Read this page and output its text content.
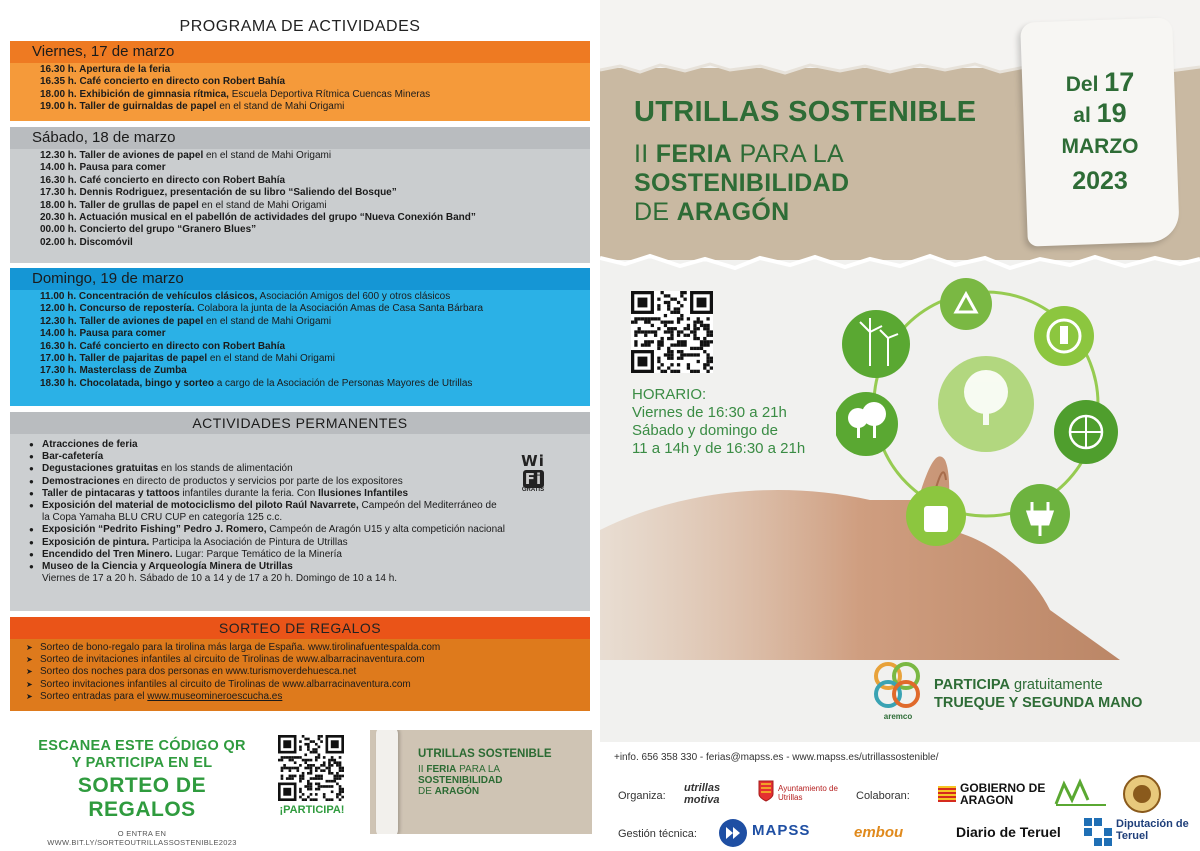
PROGRAMA DE ACTIVIDADES
Viernes, 17 de marzo
16.30 h. Apertura de la feria
16.35 h. Café concierto en directo con Robert Bahía
18.00 h. Exhibición de gimnasia rítmica, Escuela Deportiva Rítmica Cuencas Mineras
19.00 h. Taller de guirnaldas de papel en el stand de Mahi Origami
Sábado, 18 de marzo
12.30 h. Taller de aviones de papel en el stand de Mahi Origami
14.00 h. Pausa para comer
16.30 h. Café concierto en directo con Robert Bahía
17.30 h. Dennis Rodriguez, presentación de su libro “Saliendo del Bosque”
18.00 h. Taller de grullas de papel en el stand de Mahi Origami
20.30 h. Actuación musical en el pabellón de actividades del grupo “Nueva Conexión Band”
00.00 h. Concierto del grupo “Granero Blues”
02.00 h. Discomóvil
Domingo, 19 de marzo
11.00 h. Concentración de vehículos clásicos, Asociación Amigos del 600 y otros clásicos
12.00 h. Concurso de repostería. Colabora la junta de la Asociación Amas de Casa Santa Bárbara
12.30 h. Taller de aviones de papel en el stand de Mahi Origami
14.00 h. Pausa para comer
16.30 h. Café concierto en directo con Robert Bahía
17.00 h. Taller de pajaritas de papel en el stand de Mahi Origami
17.30 h. Masterclass de Zumba
18.30 h. Chocolatada, bingo y sorteo a cargo de la Asociación de Personas Mayores de Utrillas
ACTIVIDADES PERMANENTES
● Atracciones de feria
● Bar-cafetería
● Degustaciones gratuitas en los stands de alimentación
● Demostraciones en directo de productos y servicios por parte de los expositores
● Taller de pintacaras y tattoos infantiles durante la feria. Con Ilusiones Infantiles
● Exposición del material de motociclismo del piloto Raúl Navarrete, Campeón del Mediterráneo de
la Copa Yamaha BLU CRU CUP en categoría 125 c.c.
● Exposición “Pedrito Fishing” Pedro J. Romero, Campeón de Aragón U15 y alta competición nacional
● Exposición de pintura. Participa la Asociación de Pintura de Utrillas
● Encendido del Tren Minero. Lugar: Parque Temático de la Minería
● Museo de la Ciencia y Arqueología Minera de Utrillas
Viernes de 17 a 20 h. Sábado de 10 a 14 y de 17 a 20 h. Domingo de 10 a 14 h.
WiFi
GRATIS
SORTEO DE REGALOS
➤ Sorteo de bono-regalo para la tirolina más larga de España. www.tirolinafuentespalda.com
➤ Sorteo de invitaciones infantiles al circuito de Tirolinas de www.albarracinaventura.com
➤ Sorteo dos noches para dos personas en www.turismoverdehuesca.net
➤ Sorteo invitaciones infantiles al circuito de Tirolinas de www.albarracinaventura.com
➤ Sorteo entradas para el www.museomineroescucha.es
ESCANEA ESTE CÓDIGO QR
Y PARTICIPA EN EL
SORTEO DE REGALOS
O ENTRA EN WWW.BIT.LY/SORTEOUTRILLASSOSTENIBLE2023
¡PARTICIPA!
UTRILLAS SOSTENIBLE
II FERIA PARA LA
SOSTENIBILIDAD
DE ARAGÓN
UTRILLAS SOSTENIBLE
II FERIA PARA LA
SOSTENIBILIDAD
DE ARAGÓN
Del 17
al 19
MARZO
2023
HORARIO:
Viernes de 16:30 a 21h
Sábado y domingo de
11 a 14h y de 16:30 a 21h
aremco
PARTICIPA gratuitamente
TRUEQUE Y SEGUNDA MANO
+info. 656 358 330 - ferias@mapss.es - www.mapss.es/utrillassostenible/
Organiza:
utrillas motiva
Ayuntamiento de Utrillas	Colaboran:
GOBIERNO DE ARAGON
Gestión técnica:	MAPSS	embou	Diario de Teruel	Diputación de Teruel
